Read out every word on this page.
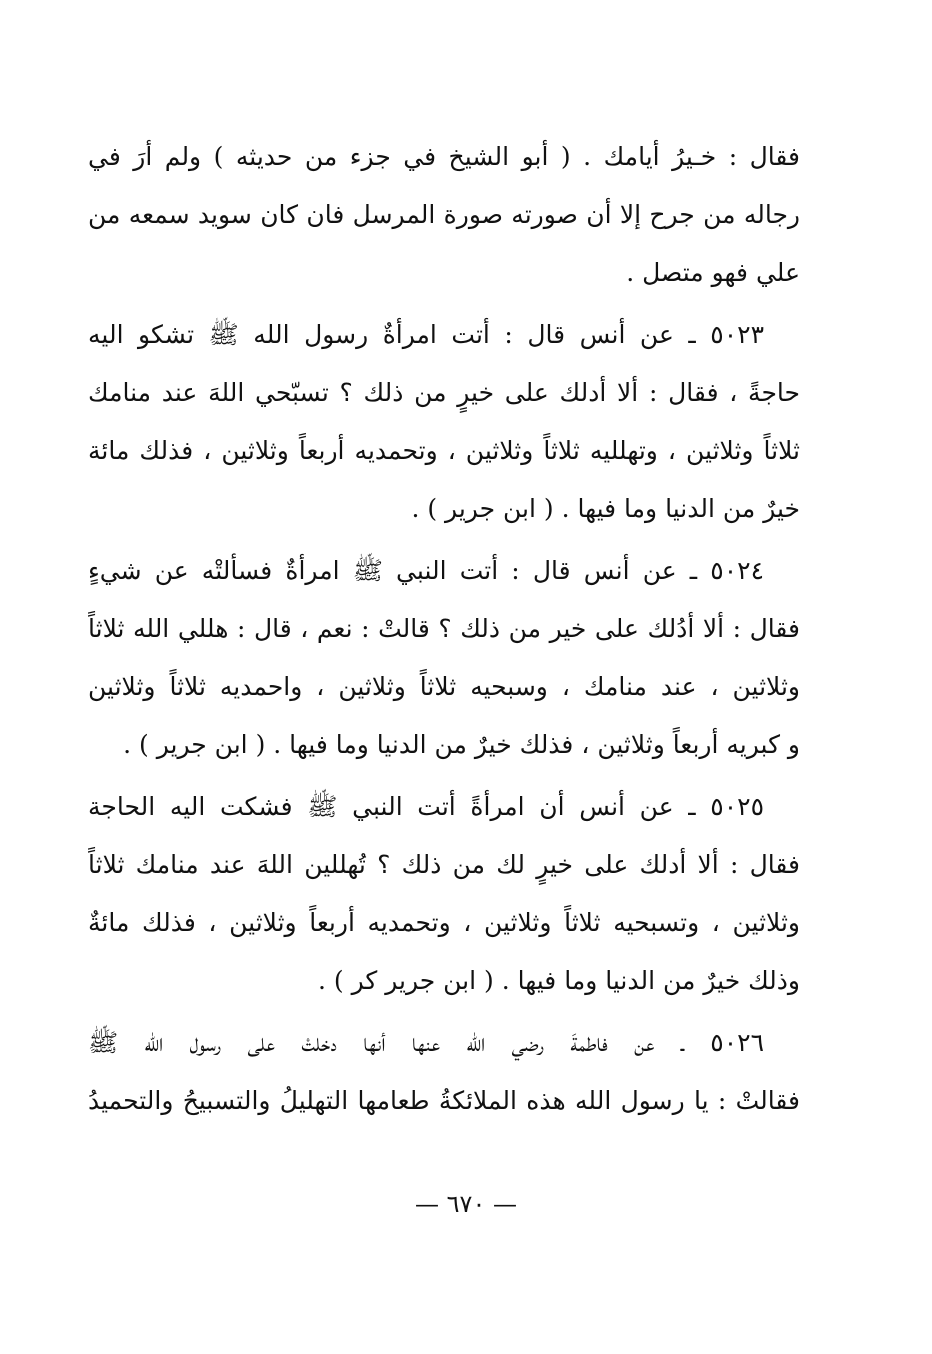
فقال : خـيرُ أيامك . ( أبو الشيخ في جزء من حديثه ) ولم أرَ في
رجاله من جرح إلا أن صورته صورة المرسل فان كان سويد سمعه من
علي فهو متصل .
٥٠٢٣ ـ عن أنس قال : أتت امرأةٌ رسول الله ﷺ تشكو اليه
حاجةً ، فقال : ألا أدلك على خيرٍ من ذلك ؟ تسبّحي اللهَ عند منامك
ثلاثاً وثلاثين ، وتهلليه ثلاثاً وثلاثين ، وتحمديه أربعاً وثلاثين ، فذلك مائة
خيرٌ من الدنيا وما فيها . ( ابن جرير ) .
٥٠٢٤ ـ عن أنس قال : أتت النبي ﷺ امرأةٌ فسألتْه عن شيءٍ
فقال : ألا أدُلك على خير من ذلك ؟ قالتْ : نعم ، قال : هللي الله ثلاثاً
وثلاثين ، عند منامك ، وسبحيه ثلاثاً وثلاثين ، واحمديه ثلاثاً وثلاثين
و كبريه أربعاً وثلاثين ، فذلك خيرٌ من الدنيا وما فيها . ( ابن جرير ) .
٥٠٢٥ ـ عن أنس أن امرأةً أتت النبي ﷺ فشكت اليه الحاجة
فقال : ألا أدلك على خيرٍ لك من ذلك ؟ تُهللين اللهَ عند منامك ثلاثاً
وثلاثين ، وتسبحيه ثلاثاً وثلاثين ، وتحمديه أربعاً وثلاثين ، فذلك مائةٌ
وذلك خيرٌ من الدنيا وما فيها . ( ابن جرير كر ) .
٥٠٢٦ ـ عن فاطمةَ رضي الله عنها أنها دخلتْ على رسول الله ﷺ
فقالتْ : يا رسول الله هذه الملائكةُ طعامها التهليلُ والتسبيحُ والتحميدُ
— ٦٧٠ —
